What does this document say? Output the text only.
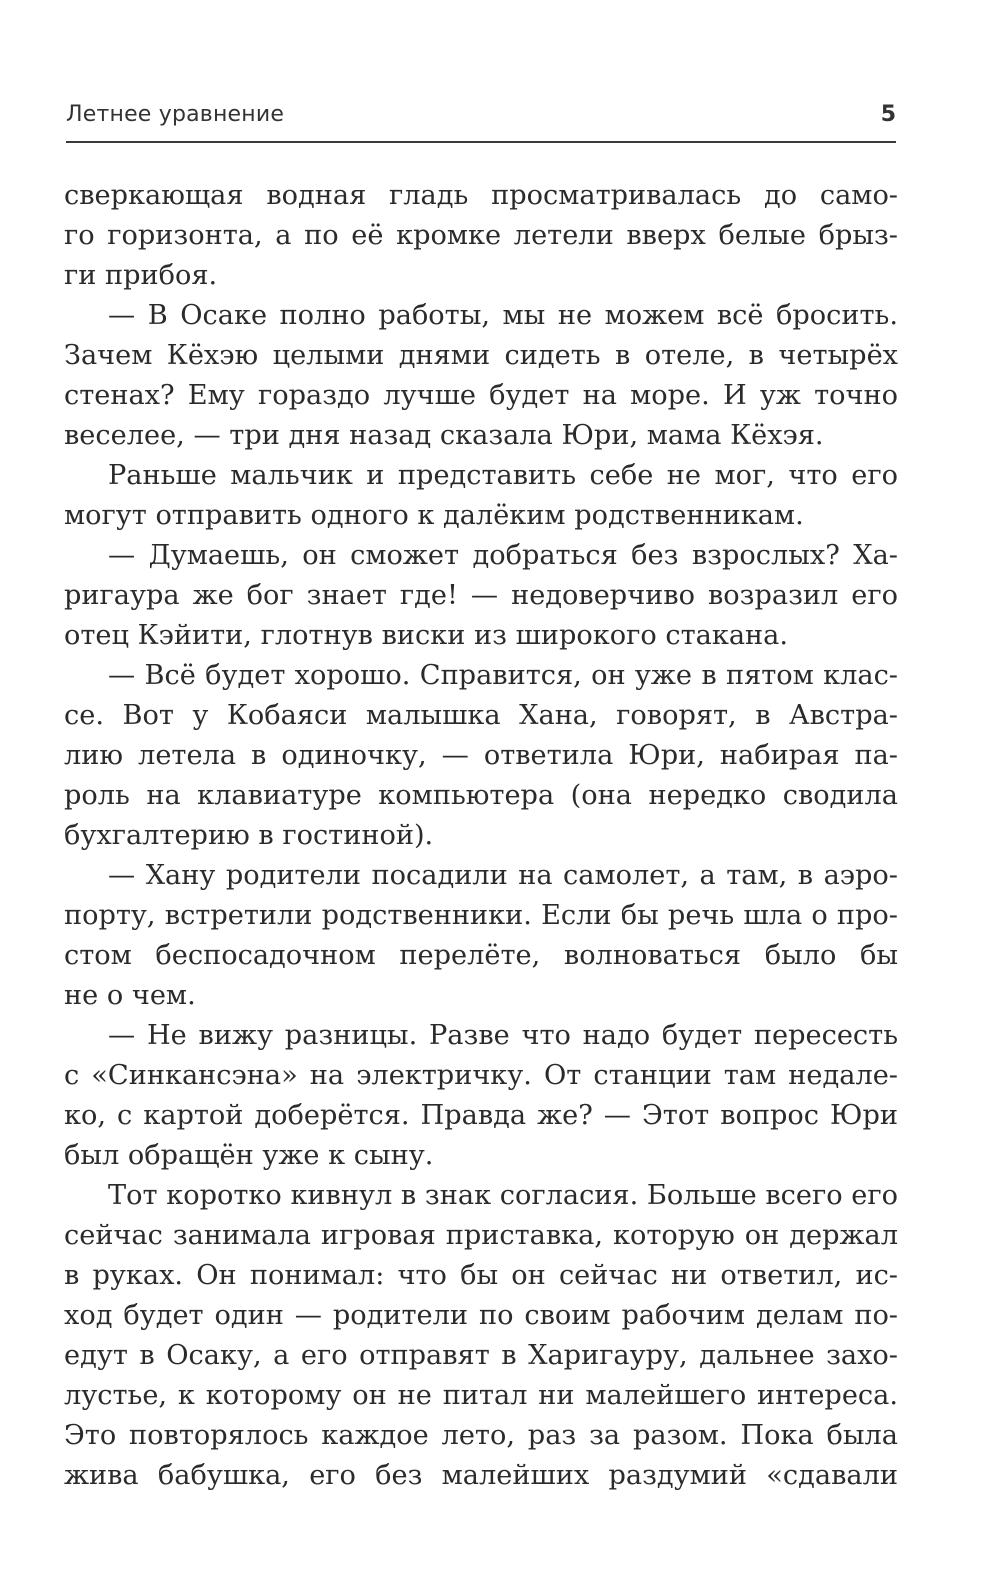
Летнее уравнение	5
сверкающая водная гладь просматривалась до само-
го горизонта, а по её кромке летели вверх белые брыз-
ги прибоя.
— В Осаке полно работы, мы не можем всё бросить.
Зачем Кёхэю целыми днями сидеть в отеле, в четырёх
стенах? Ему гораздо лучше будет на море. И уж точно
веселее, — три дня назад сказала Юри, мама Кёхэя.
Раньше мальчик и представить себе не мог, что его
могут отправить одного к далёким родственникам.
— Думаешь, он сможет добраться без взрослых? Ха-
ригаура же бог знает где! — недоверчиво возразил его
отец Кэйити, глотнув виски из широкого стакана.
— Всё будет хорошо. Справится, он уже в пятом клас-
се. Вот у Кобаяси малышка Хана, говорят, в Австра-
лию летела в одиночку, — ответила Юри, набирая па-
роль на клавиатуре компьютера (она нередко сводила
бухгалтерию в гостиной).
— Хану родители посадили на самолет, а там, в аэро-
порту, встретили родственники. Если бы речь шла о про-
стом беспосадочном перелёте, волноваться было бы
не о чем.
— Не вижу разницы. Разве что надо будет пересесть
с «Синкансэна» на электричку. От станции там недале-
ко, с картой доберётся. Правда же? — Этот вопрос Юри
был обращён уже к сыну.
Тот коротко кивнул в знак согласия. Больше всего его
сейчас занимала игровая приставка, которую он держал
в руках. Он понимал: что бы он сейчас ни ответил, ис-
ход будет один — родители по своим рабочим делам по-
едут в Осаку, а его отправят в Харигауру, дальнее захо-
лустье, к которому он не питал ни малейшего интереса.
Это повторялось каждое лето, раз за разом. Пока была
жива бабушка, его без малейших раздумий «сдавали
